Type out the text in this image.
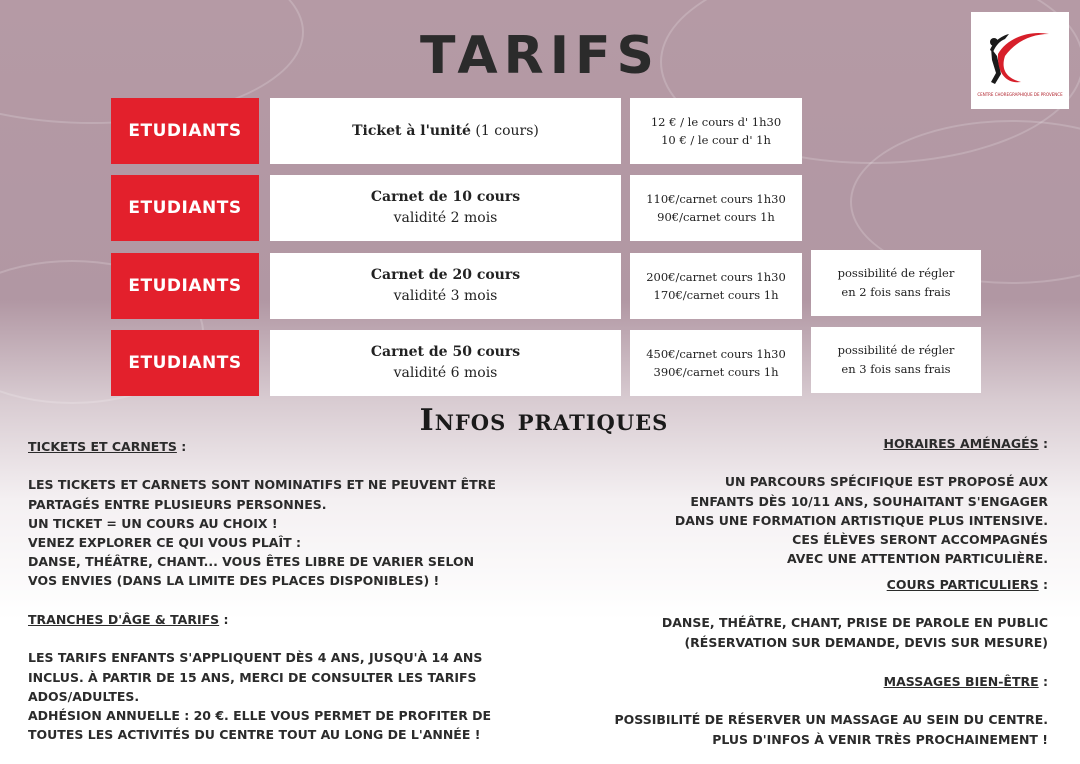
TARIFS
CENTRE CHOREGRAPHIQUE DE PROVENCE
ETUDIANTS	Ticket à l'unité (1 cours)
12 € / le cours d' 1h30
10 € / le cour d' 1h
ETUDIANTS
Carnet de 10 cours
validité 2 mois
110€/carnet cours 1h30
90€/carnet cours 1h
ETUDIANTS
Carnet de 20 cours
validité 3 mois
200€/carnet cours 1h30
170€/carnet cours 1h
possibilité de régler
en 2 fois sans frais
ETUDIANTS
Carnet de 50 cours
validité 6 mois
450€/carnet cours 1h30
390€/carnet cours 1h
possibilité de régler
en 3 fois sans frais
Infos pratiques
TICKETS ET CARNETS :

LES TICKETS ET CARNETS SONT NOMINATIFS ET NE PEUVENT ÊTRE
PARTAGÉS ENTRE PLUSIEURS PERSONNES.
UN TICKET = UN COURS AU CHOIX !
VENEZ EXPLORER CE QUI VOUS PLAÎT :
DANSE, THÉÂTRE, CHANT... VOUS ÊTES LIBRE DE VARIER SELON
VOS ENVIES (DANS LA LIMITE DES PLACES DISPONIBLES) !
TRANCHES D'ÂGE & TARIFS :

LES TARIFS ENFANTS S'APPLIQUENT DÈS 4 ANS, JUSQU'À 14 ANS
INCLUS. À PARTIR DE 15 ANS, MERCI DE CONSULTER LES TARIFS
ADOS/ADULTES.
ADHÉSION ANNUELLE : 20 €. ELLE VOUS PERMET DE PROFITER DE
TOUTES LES ACTIVITÉS DU CENTRE TOUT AU LONG DE L'ANNÉE !
HORAIRES AMÉNAGÉS :

UN PARCOURS SPÉCIFIQUE EST PROPOSÉ AUX
ENFANTS DÈS 10/11 ANS, SOUHAITANT S'ENGAGER
DANS UNE FORMATION ARTISTIQUE PLUS INTENSIVE.
CES ÉLÈVES SERONT ACCOMPAGNÉS
AVEC UNE ATTENTION PARTICULIÈRE.
COURS PARTICULIERS :

DANSE, THÉÂTRE, CHANT, PRISE DE PAROLE EN PUBLIC
(RÉSERVATION SUR DEMANDE, DEVIS SUR MESURE)
MASSAGES BIEN-ÊTRE :

POSSIBILITÉ DE RÉSERVER UN MASSAGE AU SEIN DU CENTRE.
PLUS D'INFOS À VENIR TRÈS PROCHAINEMENT !
